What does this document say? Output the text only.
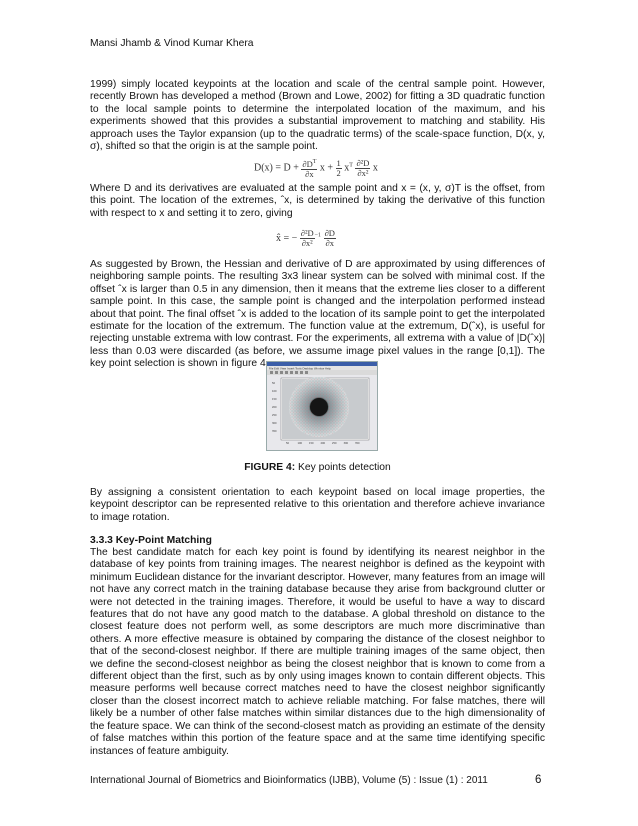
Mansi Jhamb & Vinod Kumar Khera

1999) simply located keypoints at the location and scale of the central sample point. However, recently Brown has developed a method (Brown and Lowe, 2002) for fitting a 3D quadratic function to the local sample points to determine the interpolated location of the maximum, and his experiments showed that this provides a substantial improvement to matching and stability. His approach uses the Taylor expansion (up to the quadratic terms) of the scale-space function, D(x, y, σ), shifted so that the origin is at the sample point.

$D(x) = D + \frac{\partial D^T}{\partial x}$ $x + \frac{1}{2} x^T \frac{\text{∂²D}}{\text{∂x²}}$ x

Where D and its derivatives are evaluated at the sample point and x = (x, y, σ)T is the offset, from this point. The location of the extremes, ˆx, is determined by taking the derivative of this function with respect to x and setting it to zero, giving

x̂ = − $\frac{\text{∂²D}}{\text{∂x²}} ^{-1} \frac{\partial D}{\partial x}$

As suggested by Brown, the Hessian and derivative of D are approximated by using differences of neighboring sample points. The resulting 3x3 linear system can be solved with minimal cost. If the offset ˆx is larger than 0.5 in any dimension, then it means that the extreme lies closer to a different sample point. In this case, the sample point is changed and the interpolation performed instead about that point. The final offset ˆx is added to the location of its sample point to get the interpolated estimate for the location of the extremum. The function value at the extremum, D(ˆx), is useful for rejecting unstable extrema with low contrast. For the experiments, all extrema with a value of |D(ˆx)| less than 0.03 were discarded (as before, we assume image pixel values in the range [0,1]). The key point selection is shown in figure 4	File Edit View Insert Tools Desktop Window Help
50
100
150
200
250
300
350
50	100	150	200	250	300	350
FIGURE 4: Key points detection

By assigning a consistent orientation to each keypoint based on local image properties, the keypoint descriptor can be represented relative to this orientation and therefore achieve invariance to image rotation.

3.3.3 Key-Point Matching

The best candidate match for each key point is found by identifying its nearest neighbor in the database of key points from training images. The nearest neighbor is defined as the keypoint with minimum Euclidean distance for the invariant descriptor. However, many features from an image will not have any correct match in the training database because they arise from background clutter or were not detected in the training images. Therefore, it would be useful to have a way to discard features that do not have any good match to the database. A global threshold on distance to the closest feature does not perform well, as some descriptors are much more discriminative than others. A more effective measure is obtained by comparing the distance of the closest neighbor to that of the second-closest neighbor. If there are multiple training images of the same object, then we define the second-closest neighbor as being the closest neighbor that is known to come from a different object than the first, such as by only using images known to contain different objects. This measure performs well because correct matches need to have the closest neighbor significantly closer than the closest incorrect match to achieve reliable matching. For false matches, there will likely be a number of other false matches within similar distances due to the high dimensionality of the feature space. We can think of the second-closest match as providing an estimate of the density of false matches within this portion of the feature space and at the same time identifying specific instances of feature ambiguity.

International Journal of Biometrics and Bioinformatics (IJBB), Volume (5) : Issue (1) : 2011	6
